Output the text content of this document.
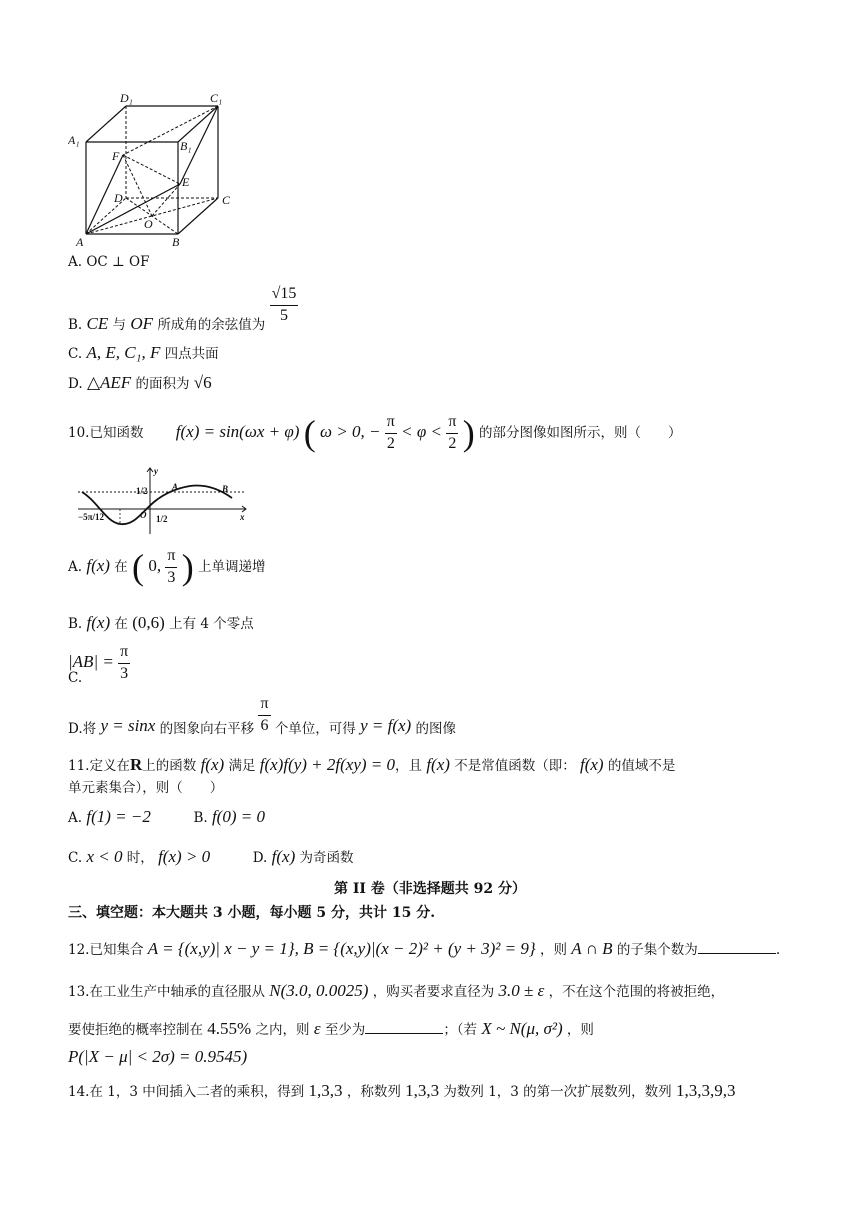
D₁	C₁
A₁	B₁
F
E
D	C
O
A	B
A. OC ⊥ OF
B. CE 与 OF 所成角的余弦值为 $\frac{√15}{5}$
C. A, E, C₁, F 四点共面
D. △AEF 的面积为 √6
10.已知函数 f(x) = sin(ωx + φ) ( ω > 0, − $\frac{\pi}{2} < \varphi < \frac{\pi}{2}$ ) 的部分图像如图所示，则（　　）
y
1/2	A	B
−5π/12	O 1/2	x
A. f(x) 在 ( 0, $\frac{\pi}{3}$ ) 上单调递增
B. f(x) 在 (0,6) 上有 4 个零点
$|AB| = \frac{\pi}{3}$
C.
D.将 y = sinx 的图象向右平移 $\frac{\pi}{6}$ 个单位，可得 y = f(x) 的图像
11.定义在R上的函数 f(x) 满足 f(x)f(y) + 2f(xy) = 0，且 f(x) 不是常值函数（即： f(x) 的值域不是
单元素集合），则（　　）
A. f(1) = −2	B. f(0) = 0
C. x < 0 时， f(x) > 0	D. f(x) 为奇函数
第 II 卷（非选择题共 92 分）
三、填空题：本大题共 3 小题，每小题 5 分，共计 15 分.
12.已知集合 A = {(x,y)| x − y = 1}, B = {(x,y)|(x − 2)² + (y + 3)² = 9} ，则 A ∩ B 的子集个数为	.
13.在工业生产中轴承的直径服从 N(3.0, 0.0025) ，购买者要求直径为 3.0 ± ε ，不在这个范围的将被拒绝，
要使拒绝的概率控制在 4.55% 之内，则 ε 至少为	；（若 X ~ N(μ, σ²) ，则
P(|X − μ| < 2σ) = 0.9545)
14.在 1，3 中间插入二者的乘积，得到 1,3,3 ，称数列 1,3,3 为数列 1，3 的第一次扩展数列，数列 1,3,3,9,3
